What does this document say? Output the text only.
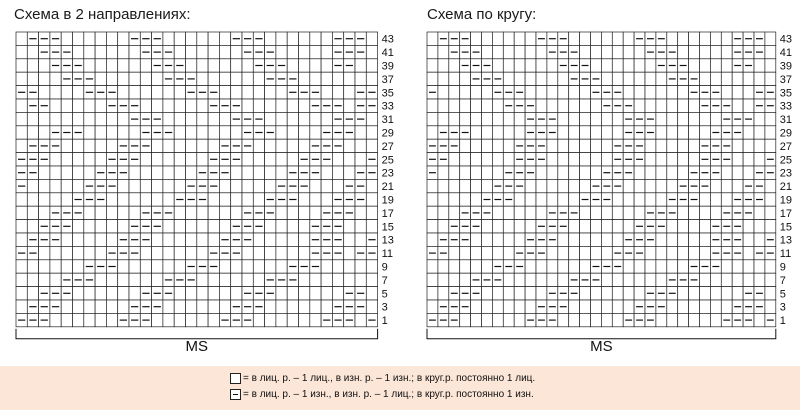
Схема в 2 направлениях:	Схема по кругу:
43
41
39
37
35
33
31
29
27
25
23
21
19
17
15
13
11
9
7
5
3
1
MS
43
41
39
37
35
33
31
29
27
25
23
21
19
17
15
13
11
9
7
5
3
1
MS
= в лиц. р. – 1 лиц., в изн. р. – 1 изн.; в круг.р. постоянно 1 лиц.
= в лиц. р. – 1 изн., в изн. р. – 1 лиц.; в круг.р. постоянно 1 изн.
